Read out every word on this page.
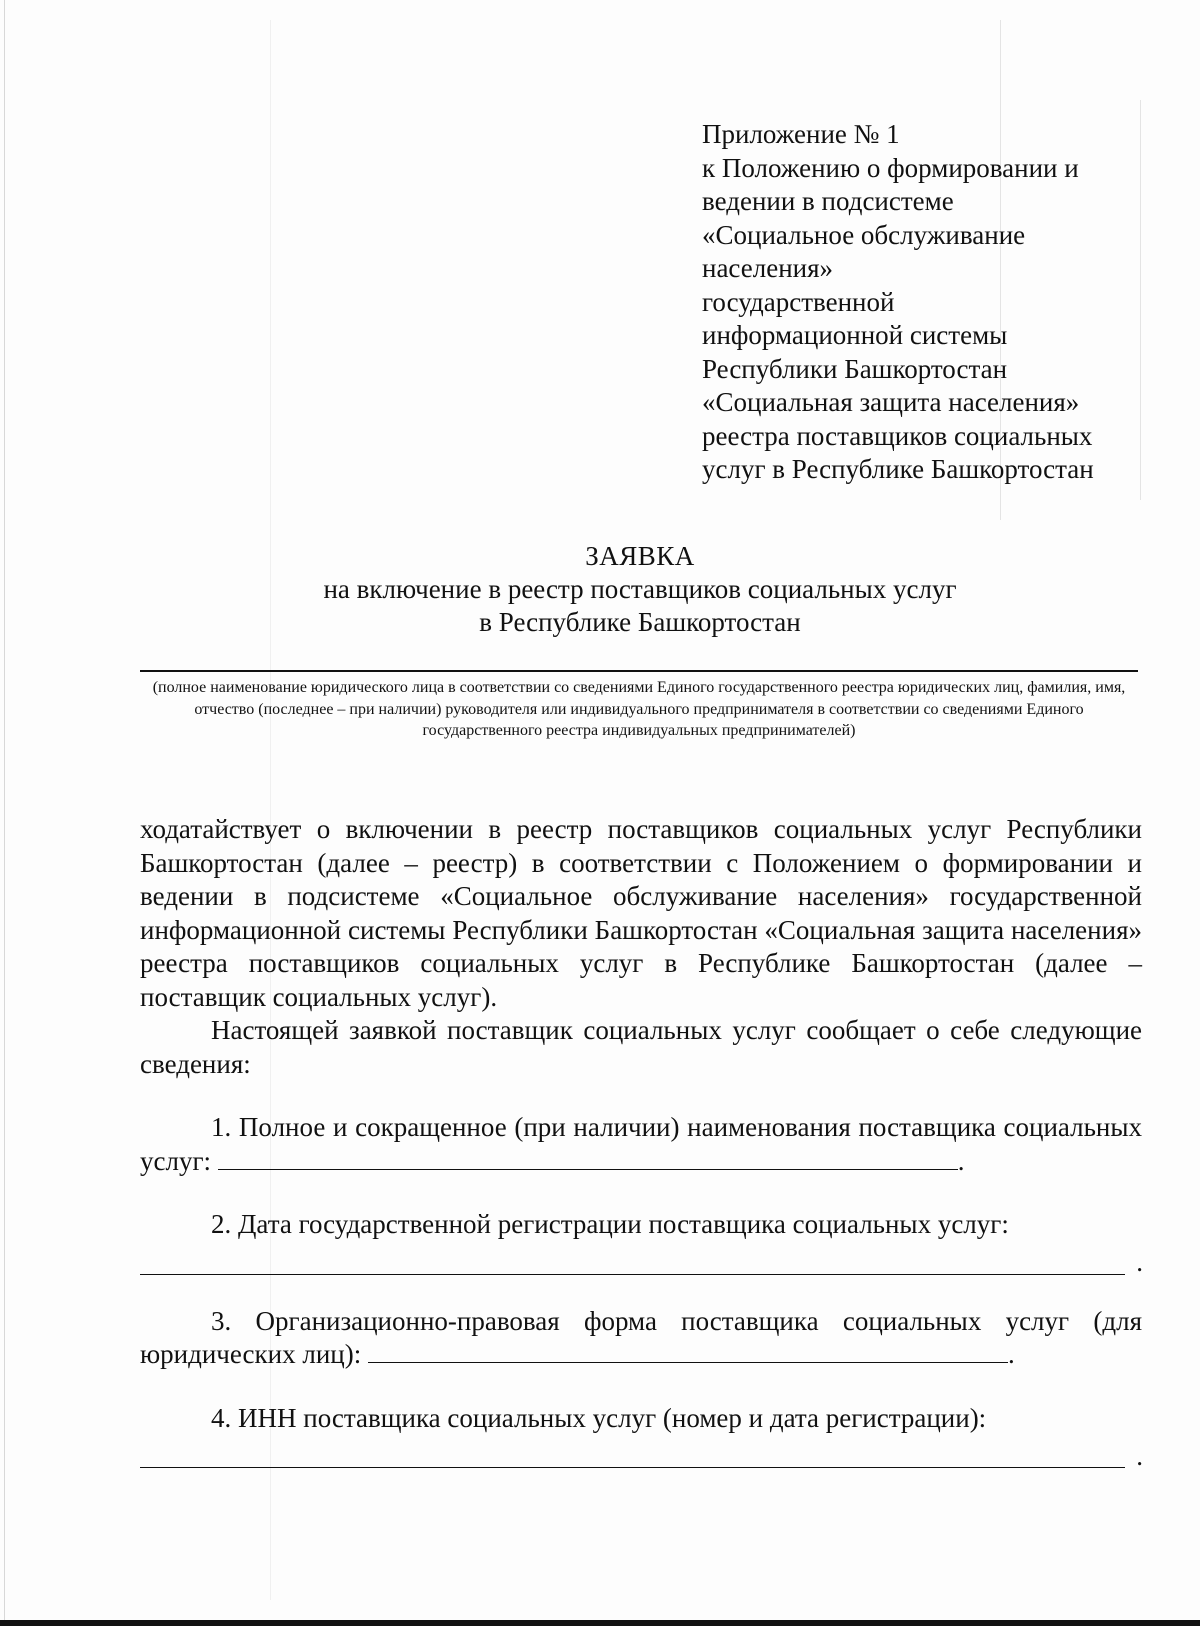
Приложение № 1
к Положению о формировании и
ведении в подсистеме
«Социальное обслуживание
населения»
государственной
информационной системы
Республики Башкортостан
«Социальная защита населения»
реестра поставщиков социальных
услуг в Республике Башкортостан
ЗАЯВКА
на включение в реестр поставщиков социальных услуг
в Республике Башкортостан
(полное наименование юридического лица в соответствии со сведениями Единого государственного реестра юридических лиц, фамилия, имя, отчество (последнее – при наличии) руководителя или индивидуального предпринимателя в соответствии со сведениями Единого государственного реестра индивидуальных предпринимателей)

ходатайствует о включении в реестр поставщиков социальных услуг Республики Башкортостан (далее – реестр) в соответствии с Положением о формировании и ведении в подсистеме «Социальное обслуживание населения» государственной информационной системы Республики Башкортостан «Социальная защита населения» реестра поставщиков социальных услуг в Республике Башкортостан (далее – поставщик социальных услуг).

Настоящей заявкой поставщик социальных услуг сообщает о себе следующие сведения:

1. Полное и сокращенное (при наличии) наименования поставщика социальных услуг:	.

2. Дата государственной регистрации поставщика социальных услуг:

.

3. Организационно-правовая форма поставщика социальных услуг (для юридических лиц):	.

4. ИНН поставщика социальных услуг (номер и дата регистрации):

.
